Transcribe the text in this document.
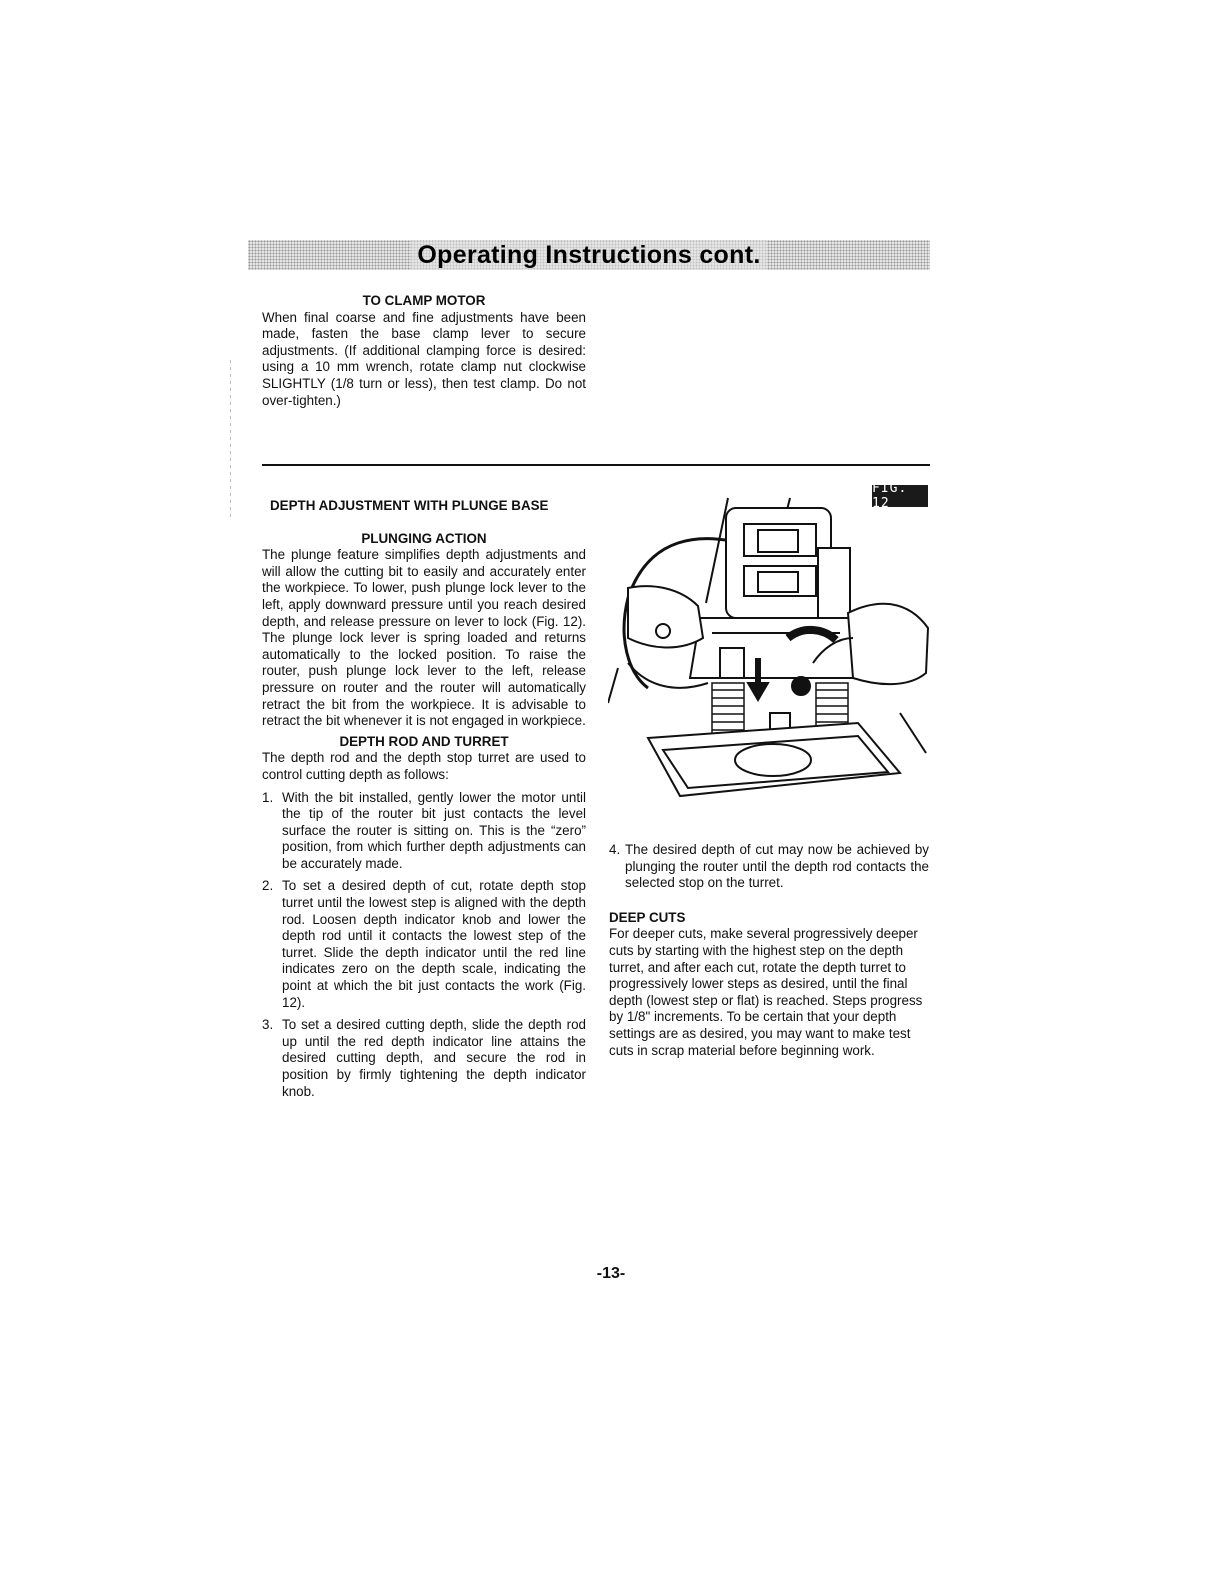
Operating Instructions cont.
TO CLAMP MOTOR

When final coarse and fine adjustments have been made, fasten the base clamp lever to secure adjustments. (If additional clamping force is desired: using a 10 mm wrench, rotate clamp nut clockwise SLIGHTLY (1/8 turn or less), then test clamp. Do not over-tighten.)

DEPTH ADJUSTMENT WITH PLUNGE BASE
PLUNGING ACTION

The plunge feature simplifies depth adjustments and will allow the cutting bit to easily and accurately enter the workpiece. To lower, push plunge lock lever to the left, apply downward pressure until you reach desired depth, and release pressure on lever to lock (Fig. 12). The plunge lock lever is spring loaded and returns automatically to the locked position. To raise the router, push plunge lock lever to the left, release pressure on router and the router will automatically retract the bit from the workpiece. It is advisable to retract the bit whenever it is not engaged in workpiece.

DEPTH ROD AND TURRET

The depth rod and the depth stop turret are used to control cutting depth as follows:

1. With the bit installed, gently lower the motor until the tip of the router bit just contacts the level surface the router is sitting on. This is the “zero” position, from which further depth adjustments can be accurately made.
2. To set a desired depth of cut, rotate depth stop turret until the lowest step is aligned with the depth rod. Loosen depth indicator knob and lower the depth rod until it contacts the lowest step of the turret. Slide the depth indicator until the red line indicates zero on the depth scale, indicating the point at which the bit just contacts the work (Fig. 12).
3. To set a desired cutting depth, slide the depth rod up until the red depth indicator line attains the desired cutting depth, and secure the rod in position by firmly tightening the depth indicator knob.
FIG. 12
4. The desired depth of cut may now be achieved by plunging the router until the depth rod contacts the selected stop on the turret.
DEEP CUTS

For deeper cuts, make several progressively deeper cuts by starting with the highest step on the depth turret, and after each cut, rotate the depth turret to progressively lower steps as desired, until the final depth (lowest step or flat) is reached. Steps progress by 1/8" increments. To be certain that your depth settings are as desired, you may want to make test cuts in scrap material before beginning work.

-13-
